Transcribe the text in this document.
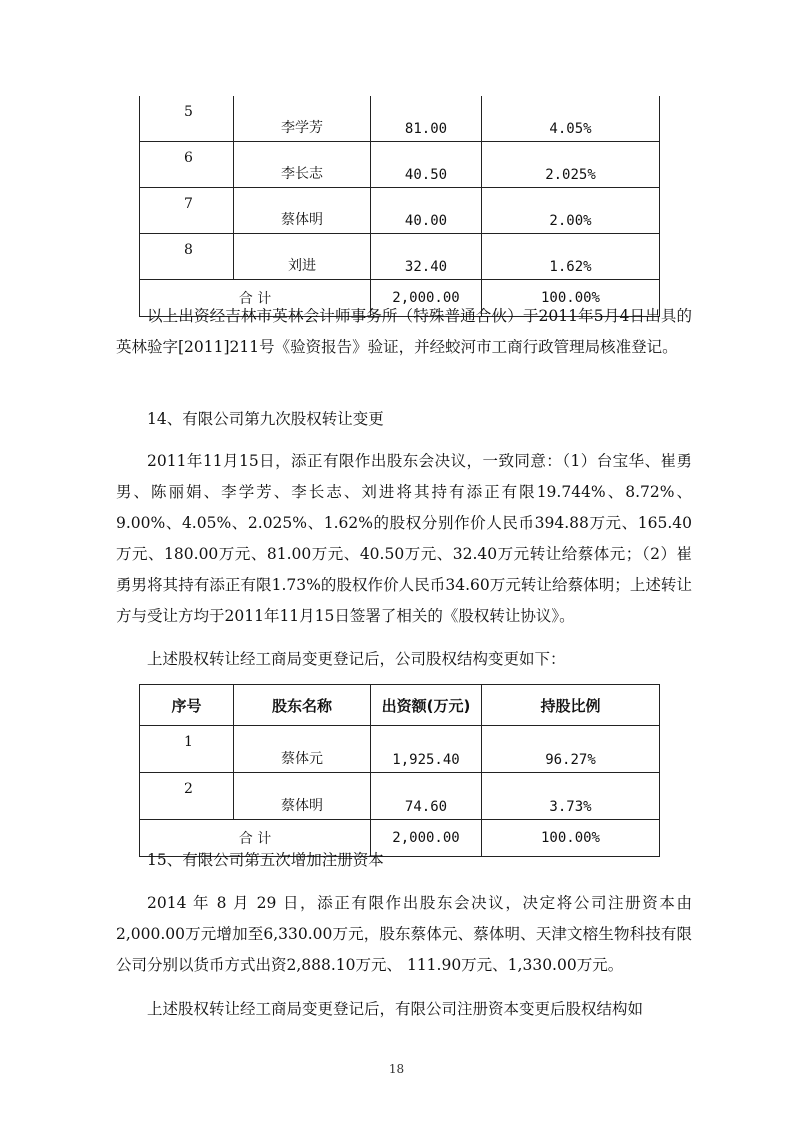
5	李学芳	81.00	4.05%
6	李长志	40.50	2.025%
7	蔡体明	40.00	2.00%
8	刘进	32.40	1.62%
合 计		2,000.00	100.00%

以上出资经吉林市英林会计师事务所（特殊普通合伙）于2011年5月4日出具的英林验字[2011]211号《验资报告》验证，并经蛟河市工商行政管理局核准登记。

14、有限公司第九次股权转让变更

2011年11月15日，添正有限作出股东会决议，一致同意：（1）台宝华、崔勇男、陈丽娟、李学芳、李长志、刘进将其持有添正有限19.744%、8.72%、9.00%、4.05%、2.025%、1.62%的股权分别作价人民币394.88万元、165.40万元、180.00万元、81.00万元、40.50万元、32.40万元转让给蔡体元；（2）崔勇男将其持有添正有限1.73%的股权作价人民币34.60万元转让给蔡体明；上述转让方与受让方均于2011年11月15日签署了相关的《股权转让协议》。

上述股权转让经工商局变更登记后，公司股权结构变更如下：

序号	股东名称	出资额(万元)	持股比例
1	蔡体元	1,925.40	96.27%
2	蔡体明	74.60	3.73%
合 计		2,000.00	100.00%

15、有限公司第五次增加注册资本

2014 年 8 月 29 日，添正有限作出股东会决议，决定将公司注册资本由2,000.00万元增加至6,330.00万元，股东蔡体元、蔡体明、天津文榕生物科技有限公司分别以货币方式出资2,888.10万元、 111.90万元、1,330.00万元。

上述股权转让经工商局变更登记后，有限公司注册资本变更后股权结构如

18
